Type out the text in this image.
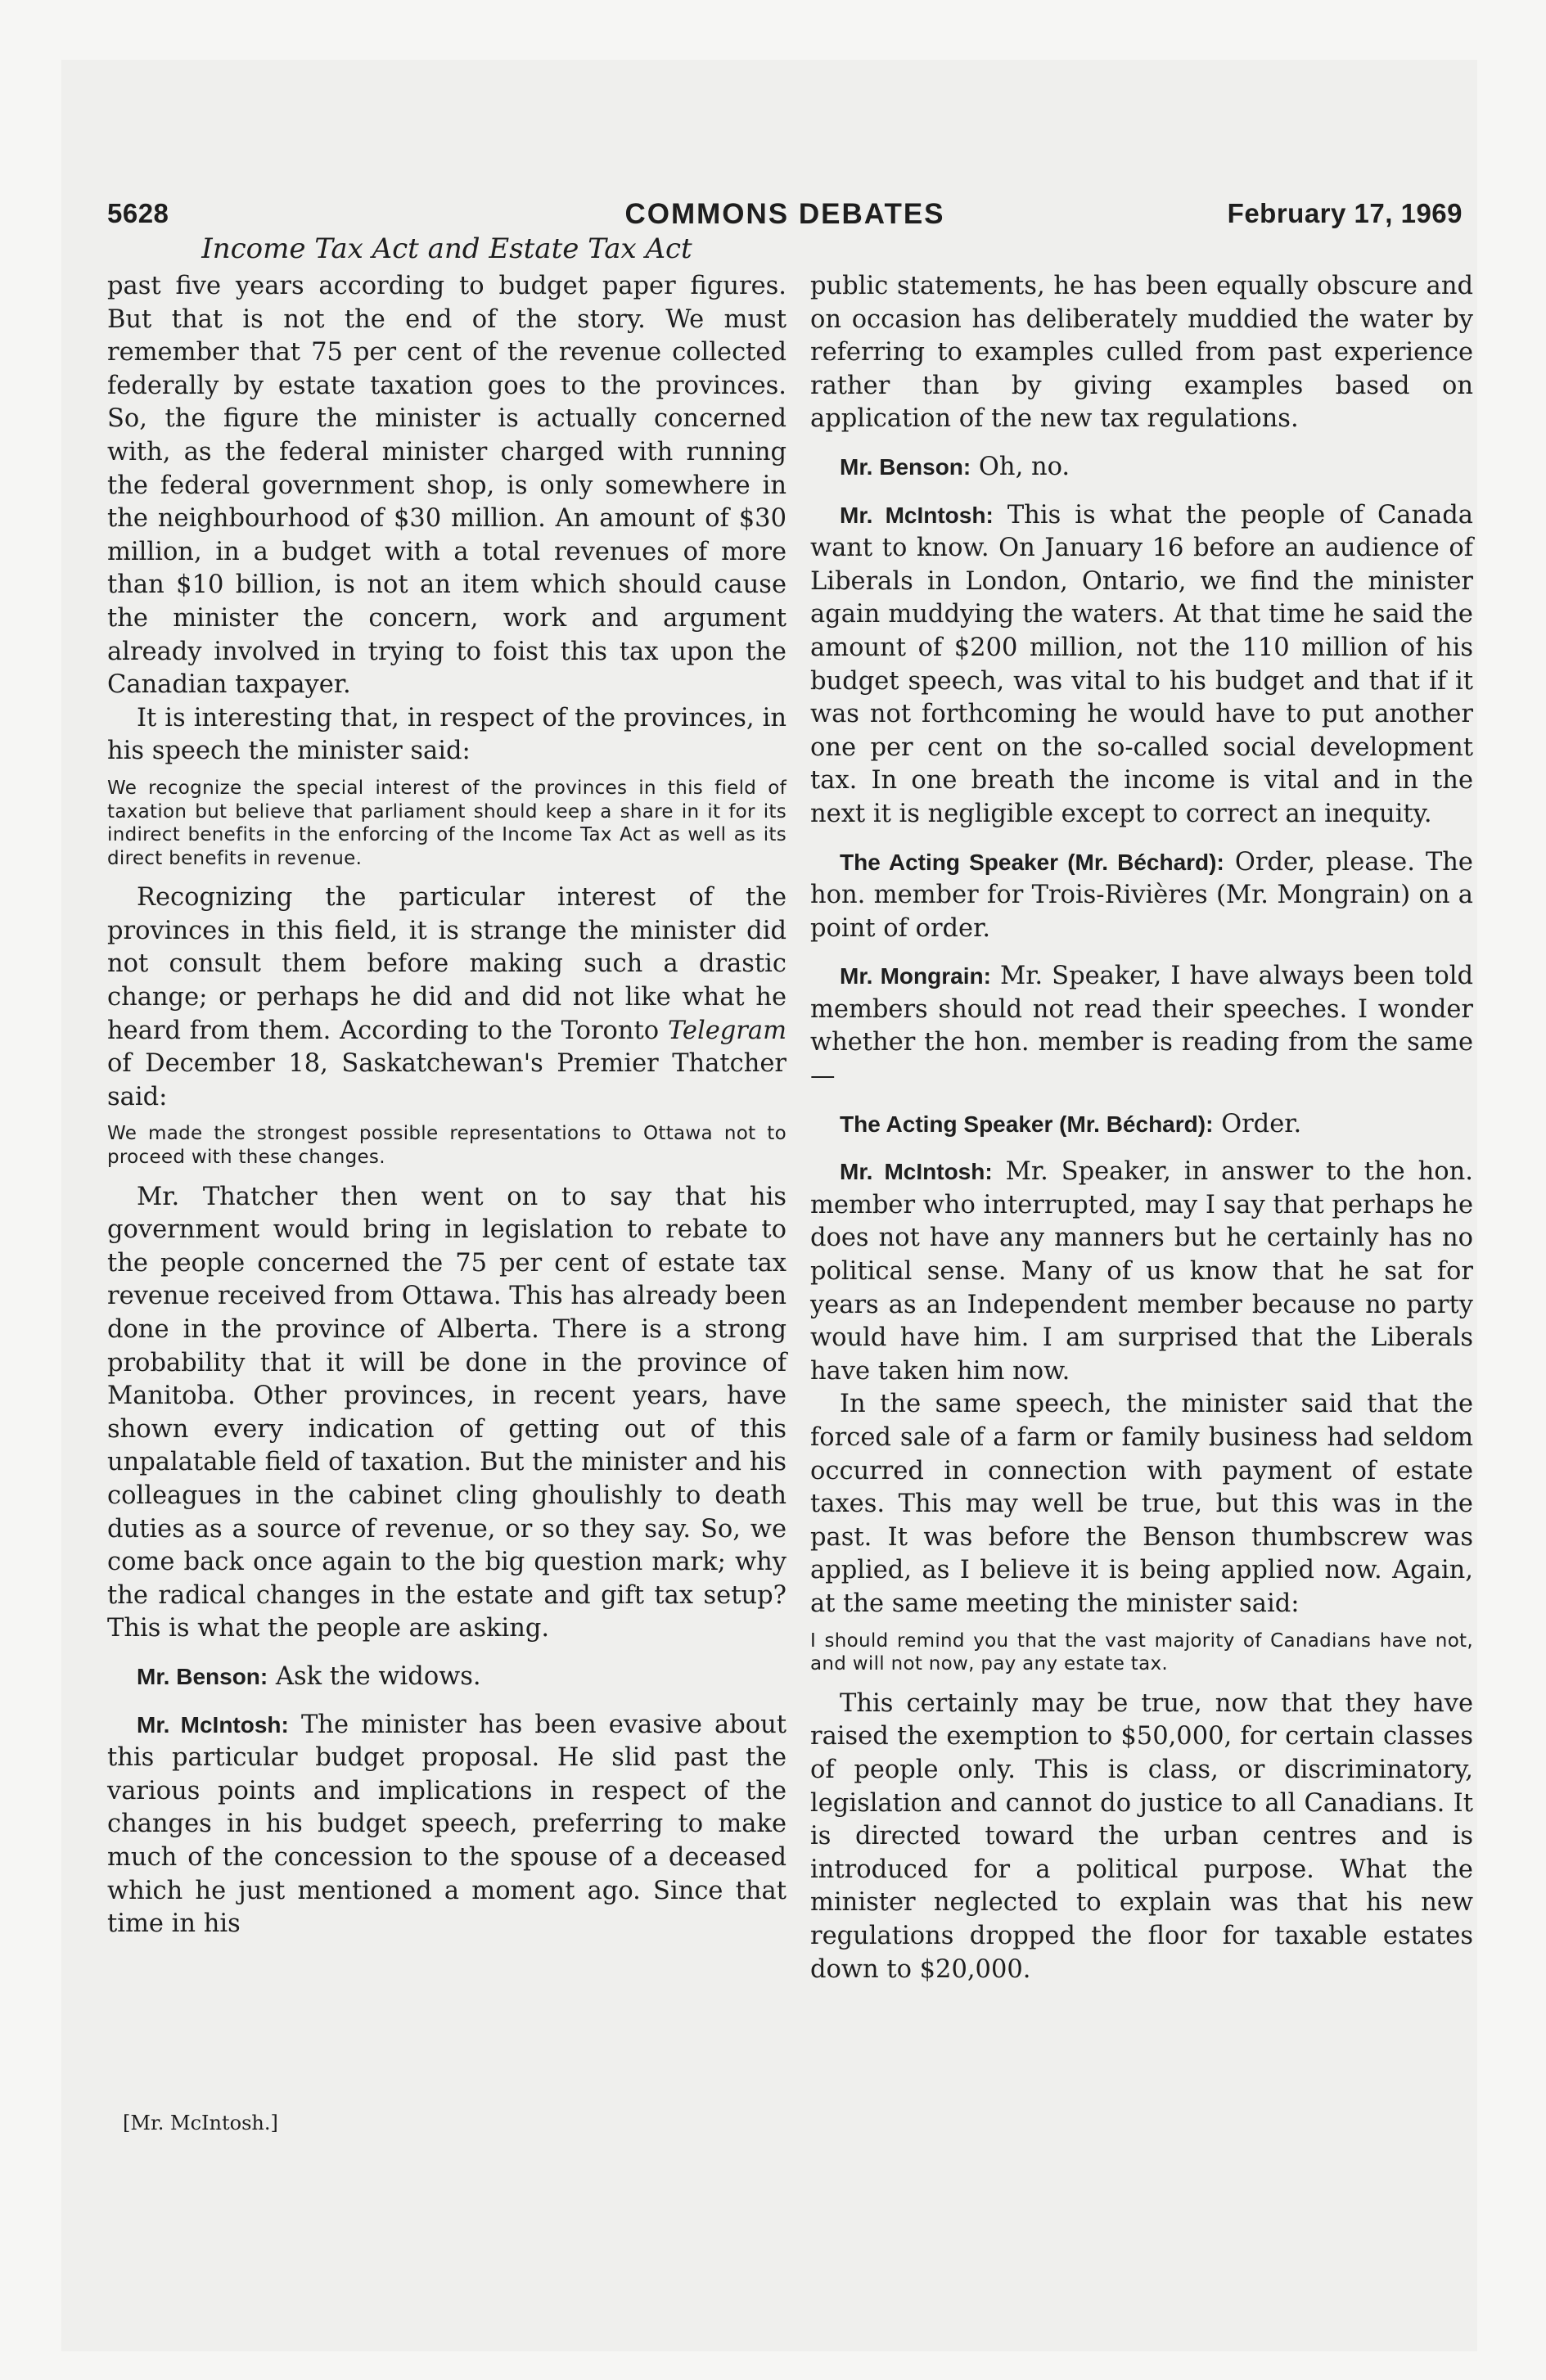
5628	COMMONS DEBATES	February 17, 1969
Income Tax Act and Estate Tax Act

past five years according to budget paper figures. But that is not the end of the story. We must remember that 75 per cent of the revenue collected federally by estate taxation goes to the provinces. So, the figure the minister is actually concerned with, as the federal minister charged with running the federal government shop, is only somewhere in the neighbourhood of $30 million. An amount of $30 million, in a budget with a total revenues of more than $10 billion, is not an item which should cause the minister the concern, work and argument already involved in trying to foist this tax upon the Canadian taxpayer.

It is interesting that, in respect of the provinces, in his speech the minister said:

We recognize the special interest of the provinces in this field of taxation but believe that parliament should keep a share in it for its indirect benefits in the enforcing of the Income Tax Act as well as its direct benefits in revenue.

Recognizing the particular interest of the provinces in this field, it is strange the minister did not consult them before making such a drastic change; or perhaps he did and did not like what he heard from them. According to the Toronto Telegram of December 18, Saskatchewan's Premier Thatcher said:

We made the strongest possible representations to Ottawa not to proceed with these changes.

Mr. Thatcher then went on to say that his government would bring in legislation to rebate to the people concerned the 75 per cent of estate tax revenue received from Ottawa. This has already been done in the province of Alberta. There is a strong probability that it will be done in the province of Manitoba. Other provinces, in recent years, have shown every indication of getting out of this unpalatable field of taxation. But the minister and his colleagues in the cabinet cling ghoulishly to death duties as a source of revenue, or so they say. So, we come back once again to the big question mark; why the radical changes in the estate and gift tax setup? This is what the people are asking.

Mr. Benson: Ask the widows.

Mr. McIntosh: The minister has been evasive about this particular budget proposal. He slid past the various points and implications in respect of the changes in his budget speech, preferring to make much of the concession to the spouse of a deceased which he just mentioned a moment ago. Since that time in his

public statements, he has been equally obscure and on occasion has deliberately muddied the water by referring to examples culled from past experience rather than by giving examples based on application of the new tax regulations.

Mr. Benson: Oh, no.

Mr. McIntosh: This is what the people of Canada want to know. On January 16 before an audience of Liberals in London, Ontario, we find the minister again muddying the waters. At that time he said the amount of $200 million, not the 110 million of his budget speech, was vital to his budget and that if it was not forthcoming he would have to put another one per cent on the so-called social development tax. In one breath the income is vital and in the next it is negligible except to correct an inequity.

The Acting Speaker (Mr. Béchard): Order, please. The hon. member for Trois-Rivières (Mr. Mongrain) on a point of order.

Mr. Mongrain: Mr. Speaker, I have always been told members should not read their speeches. I wonder whether the hon. member is reading from the same—

The Acting Speaker (Mr. Béchard): Order.

Mr. McIntosh: Mr. Speaker, in answer to the hon. member who interrupted, may I say that perhaps he does not have any manners but he certainly has no political sense. Many of us know that he sat for years as an Independent member because no party would have him. I am surprised that the Liberals have taken him now.

In the same speech, the minister said that the forced sale of a farm or family business had seldom occurred in connection with payment of estate taxes. This may well be true, but this was in the past. It was before the Benson thumbscrew was applied, as I believe it is being applied now. Again, at the same meeting the minister said:

I should remind you that the vast majority of Canadians have not, and will not now, pay any estate tax.

This certainly may be true, now that they have raised the exemption to $50,000, for certain classes of people only. This is class, or discriminatory, legislation and cannot do justice to all Canadians. It is directed toward the urban centres and is introduced for a political purpose. What the minister neglected to explain was that his new regulations dropped the floor for taxable estates down to $20,000.

[Mr. McIntosh.]
